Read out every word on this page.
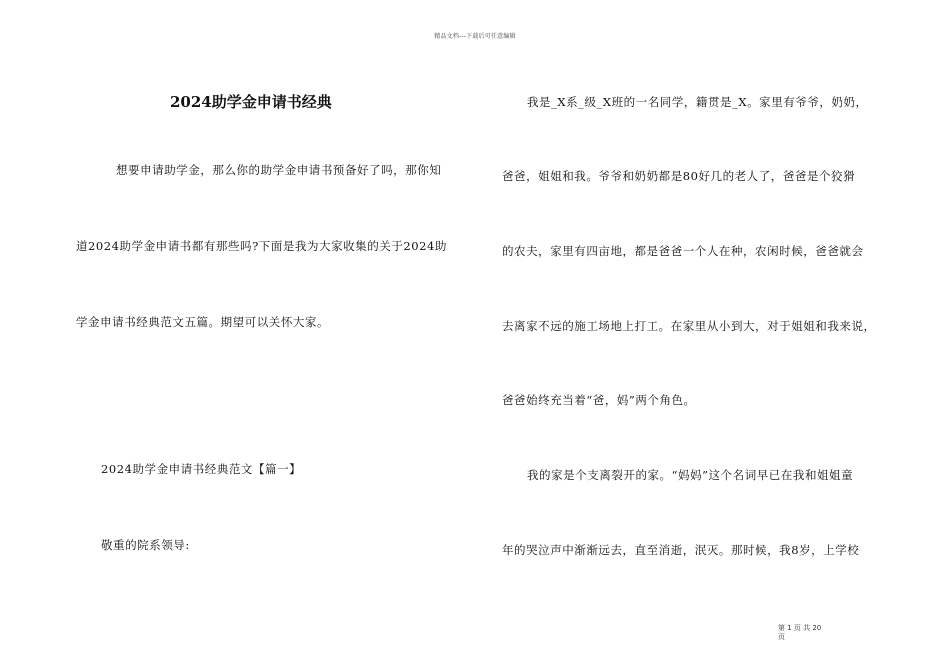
精品文档---下载后可任意编辑
2024助学金申请书经典
想要申请助学金，那么你的助学金申请书预备好了吗，那你知
道2024助学金申请书都有那些吗?下面是我为大家收集的关于2024助
学金申请书经典范文五篇。期望可以关怀大家。
2024助学金申请书经典范文【篇一】
敬重的院系领导:
我是_X系_级_X班的一名同学，籍贯是_X。家里有爷爷，奶奶，
爸爸，姐姐和我。爷爷和奶奶都是80好几的老人了，爸爸是个狡猾
的农夫，家里有四亩地，都是爸爸一个人在种，农闲时候，爸爸就会
去离家不远的施工场地上打工。在家里从小到大，对于姐姐和我来说，
爸爸始终充当着“爸，妈”两个角色。
我的家是个支离裂开的家。“妈妈”这个名词早已在我和姐姐童
年的哭泣声中渐渐远去，直至消逝，泯灭。那时候，我8岁，上学校
第 1 页 共 20
页
